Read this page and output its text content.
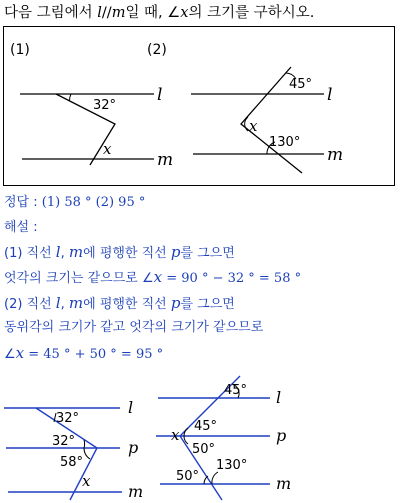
다음 그림에서 l//m일 때, ∠x의 크기를 구하시오.
(1)
l
m
32°
x
(2)
l
m
45°
x
130°
정답 : (1) 58 ° (2) 95 °
해설 :
(1) 직선 l, m에 평행한 직선 p를 그으면
엇각의 크기는 같으므로 ∠x = 90 ° − 32 ° = 58 °
(2) 직선 l, m에 평행한 직선 p를 그으면
동위각의 크기가 같고 엇각의 크기가 같으므로
∠x = 45 ° + 50 ° = 95 °
l
p
m
32°
32°
58°
x
l
p
m
45°
x 45°
50°
50°
130°
